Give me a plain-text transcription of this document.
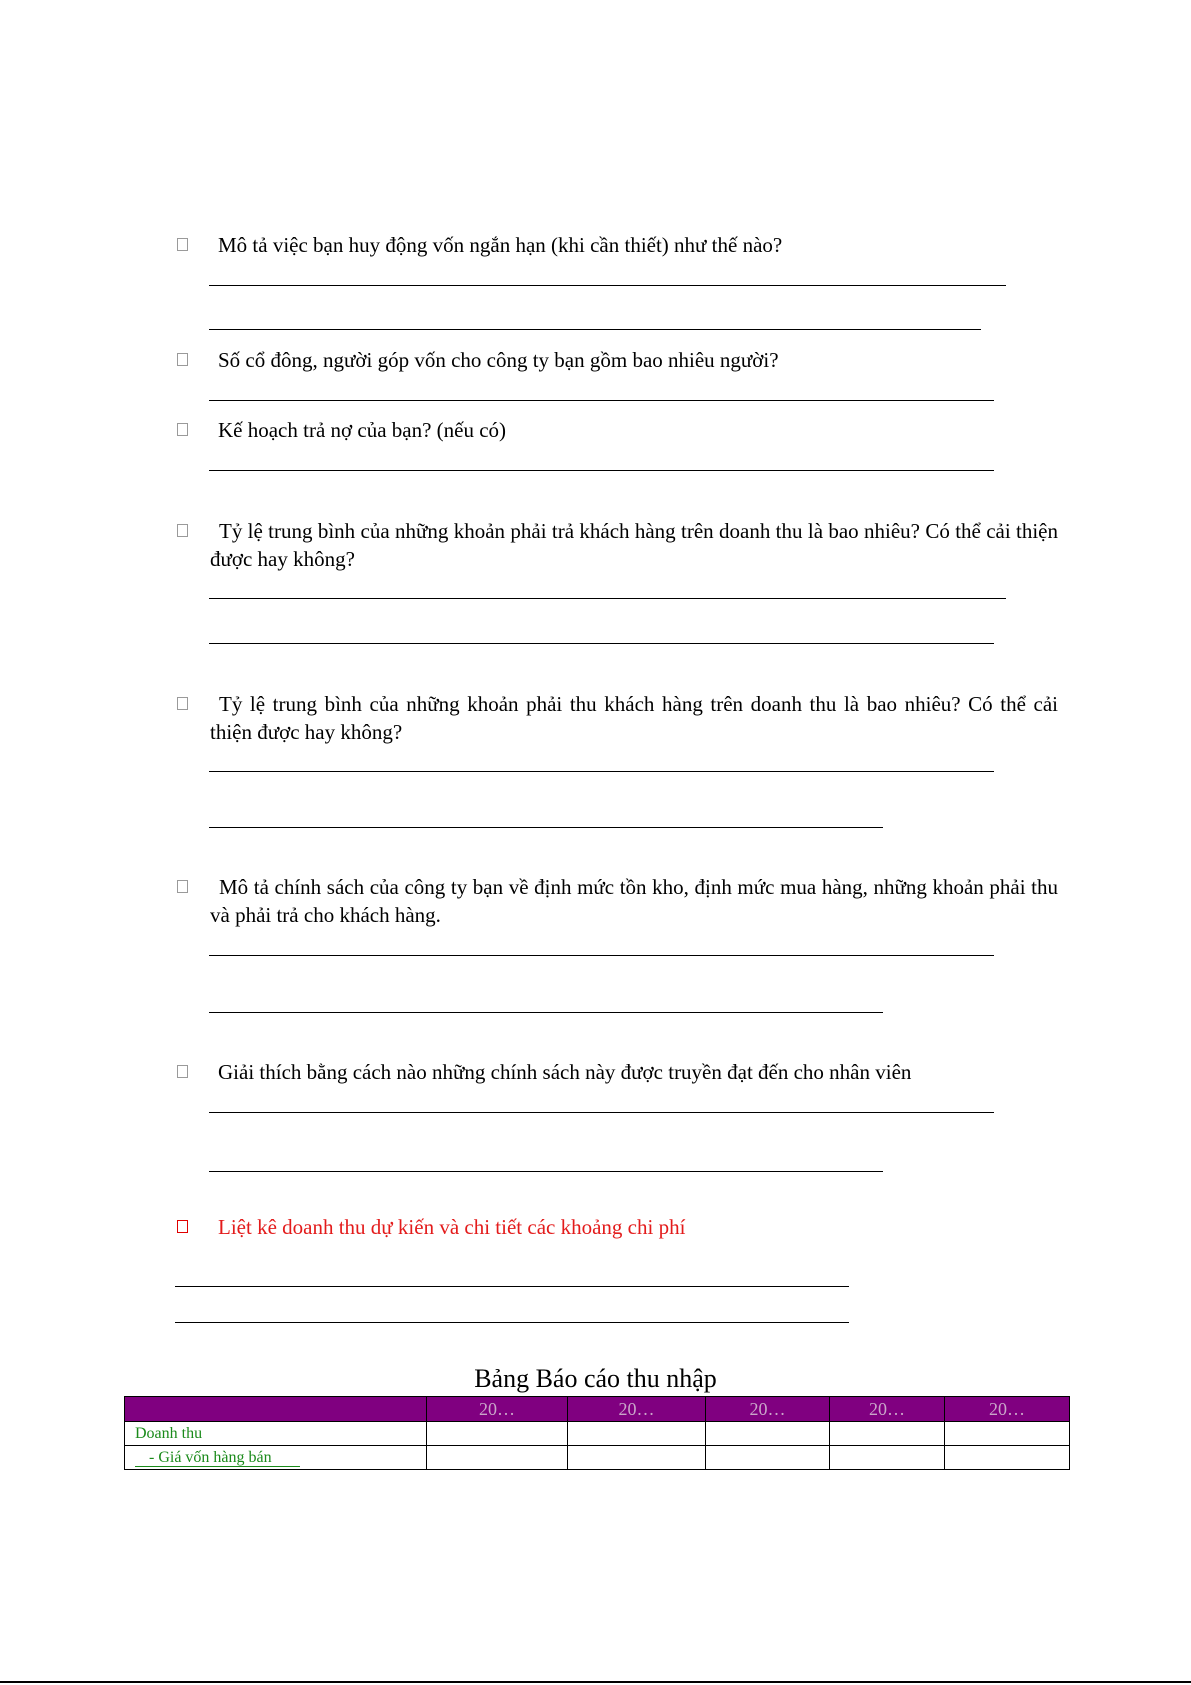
Mô tả việc bạn huy động vốn ngắn hạn (khi cần thiết) như thế nào?
Số cổ đông, người góp vốn cho công ty bạn gồm bao nhiêu người?
Kế hoạch trả nợ của bạn? (nếu có)
Tỷ lệ trung bình của những khoản phải trả khách hàng trên doanh thu là bao nhiêu? Có thể cải thiện được hay không?
Tỷ lệ trung bình của những khoản phải thu khách hàng trên doanh thu là bao nhiêu? Có thể cải thiện được hay không?
Mô tả chính sách của công ty bạn về định mức tồn kho, định mức mua hàng, những khoản phải thu và phải trả cho khách hàng.
Giải thích bằng cách nào những chính sách này được truyền đạt đến cho nhân viên
Liệt kê doanh thu dự kiến và chi tiết các khoảng chi phí
Bảng Báo cáo thu nhập
	20…	20…	20…	20…	20…
Doanh thu					
- Giá vốn hàng bán					
